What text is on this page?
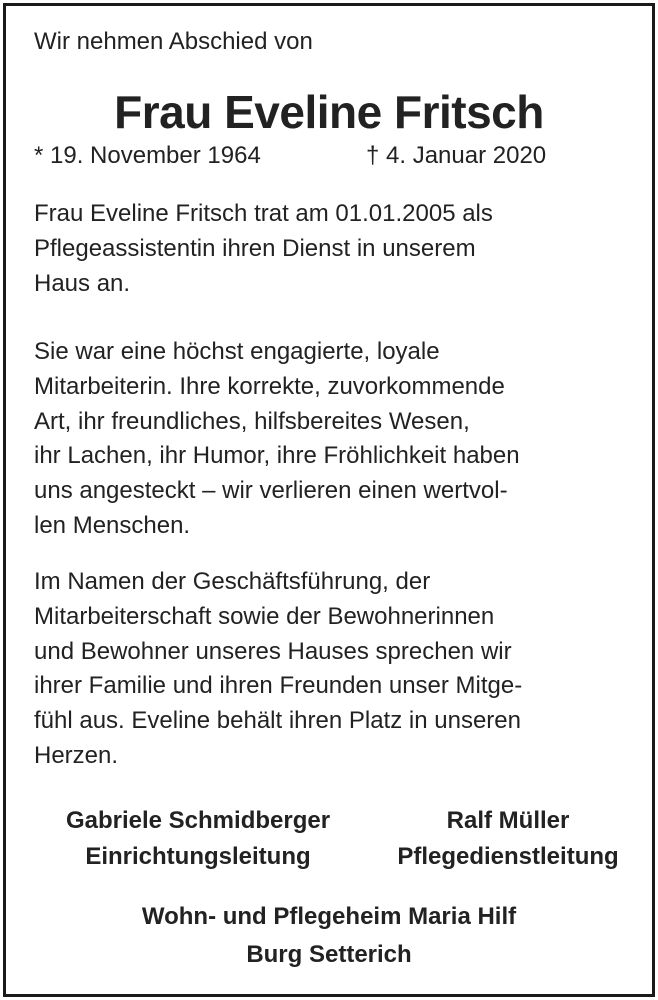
Wir nehmen Abschied von
Frau Eveline Fritsch
* 19. November 1964	† 4. Januar 2020
Frau Eveline Fritsch trat am 01.01.2005 als
Pflegeassistentin ihren Dienst in unserem
Haus an.
Sie war eine höchst engagierte, loyale
Mitarbeiterin. Ihre korrekte, zuvorkommende
Art, ihr freundliches, hilfsbereites Wesen,
ihr Lachen, ihr Humor, ihre Fröhlichkeit haben
uns angesteckt – wir verlieren einen wertvol-
len Menschen.
Im Namen der Geschäftsführung, der
Mitarbeiterschaft sowie der Bewohnerinnen
und Bewohner unseres Hauses sprechen wir
ihrer Familie und ihren Freunden unser Mitge-
fühl aus. Eveline behält ihren Platz in unseren
Herzen.
Gabriele Schmidberger
Einrichtungsleitung
Ralf Müller
Pflegedienstleitung
Wohn- und Pflegeheim Maria Hilf
Burg Setterich
